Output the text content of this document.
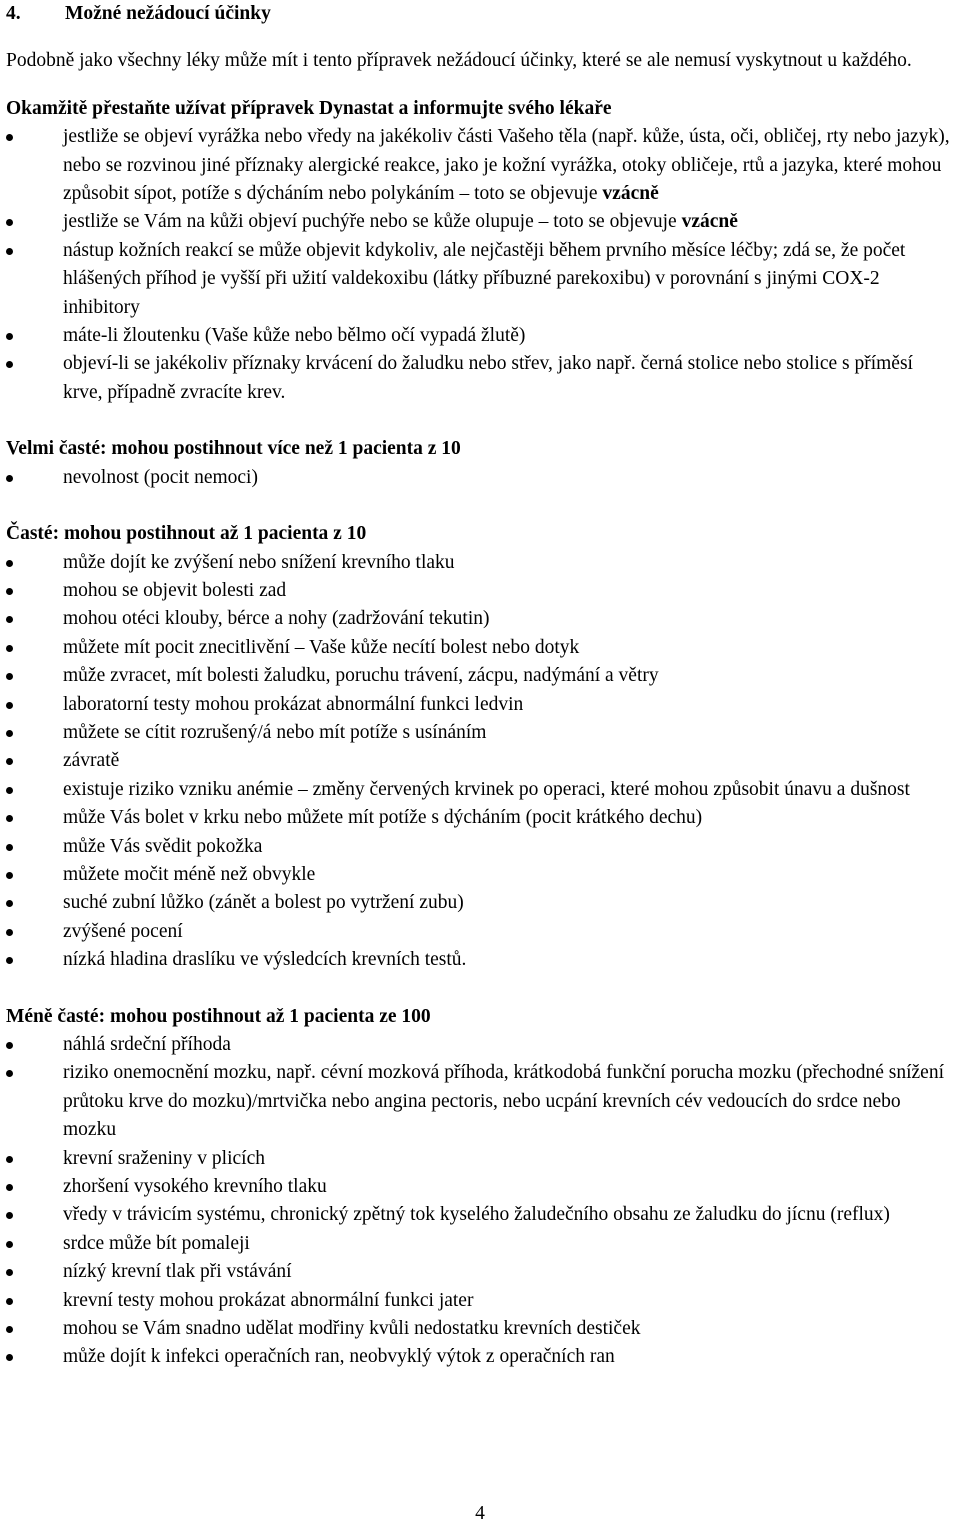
4. Možné nežádoucí účinky

Podobně jako všechny léky může mít i tento přípravek nežádoucí účinky, které se ale nemusí vyskytnout u každého.

Okamžitě přestaňte užívat přípravek Dynastat a informujte svého lékaře

jestliže se objeví vyrážka nebo vředy na jakékoliv části Vašeho těla (např. kůže, ústa, oči, obličej, rty nebo jazyk), nebo se rozvinou jiné příznaky alergické reakce, jako je kožní vyrážka, otoky obličeje, rtů a jazyka, které mohou způsobit sípot, potíže s dýcháním nebo polykáním – toto se objevuje vzácně
jestliže se Vám na kůži objeví puchýře nebo se kůže olupuje – toto se objevuje vzácně
nástup kožních reakcí se může objevit kdykoliv, ale nejčastěji během prvního měsíce léčby; zdá se, že počet hlášených příhod je vyšší při užití valdekoxibu (látky příbuzné parekoxibu) v porovnání s jinými COX-2 inhibitory
máte-li žloutenku (Vaše kůže nebo bělmo očí vypadá žlutě)
objeví-li se jakékoliv příznaky krvácení do žaludku nebo střev, jako např. černá stolice nebo stolice s příměsí krve, případně zvracíte krev.

Velmi časté: mohou postihnout více než 1 pacienta z 10

nevolnost (pocit nemoci)

Časté: mohou postihnout až 1 pacienta z 10

může dojít ke zvýšení nebo snížení krevního tlaku
mohou se objevit bolesti zad
mohou otéci klouby, bérce a nohy (zadržování tekutin)
můžete mít pocit znecitlivění – Vaše kůže necítí bolest nebo dotyk
může zvracet, mít bolesti žaludku, poruchu trávení, zácpu, nadýmání a větry
laboratorní testy mohou prokázat abnormální funkci ledvin
můžete se cítit rozrušený/á nebo mít potíže s usínáním
závratě
existuje riziko vzniku anémie – změny červených krvinek po operaci, které mohou způsobit únavu a dušnost
může Vás bolet v krku nebo můžete mít potíže s dýcháním (pocit krátkého dechu)
může Vás svědit pokožka
můžete močit méně než obvykle
suché zubní lůžko (zánět a bolest po vytržení zubu)
zvýšené pocení
nízká hladina draslíku ve výsledcích krevních testů.

Méně časté: mohou postihnout až 1 pacienta ze 100

náhlá srdeční příhoda
riziko onemocnění mozku, např. cévní mozková příhoda, krátkodobá funkční porucha mozku (přechodné snížení průtoku krve do mozku)/mrtvička nebo angina pectoris, nebo ucpání krevních cév vedoucích do srdce nebo mozku
krevní sraženiny v plicích
zhoršení vysokého krevního tlaku
vředy v trávicím systému, chronický zpětný tok kyselého žaludečního obsahu ze žaludku do jícnu (reflux)
srdce může bít pomaleji
nízký krevní tlak při vstávání
krevní testy mohou prokázat abnormální funkci jater
mohou se Vám snadno udělat modřiny kvůli nedostatku krevních destiček
může dojít k infekci operačních ran, neobvyklý výtok z operačních ran
4
